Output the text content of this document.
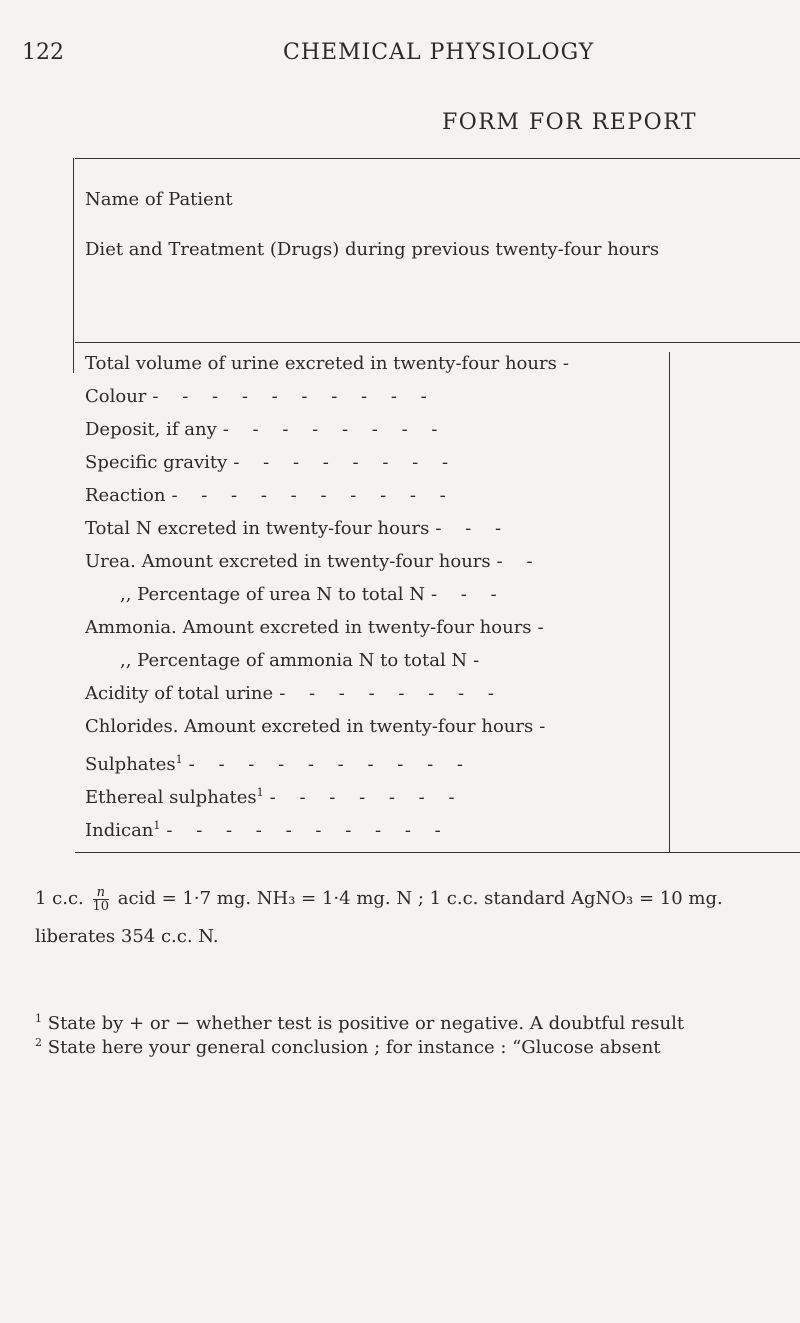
122	CHEMICAL PHYSIOLOGY
FORM FOR REPORT
Name of Patient
Diet and Treatment (Drugs) during previous twenty-four hours
Total volume of urine excreted in twenty-four hours -
Colour - - - - - - - - - -
Deposit, if any - - - - - - - -
Specific gravity - - - - - - - -
Reaction - - - - - - - - - -
Total N excreted in twenty-four hours - - -
Urea. Amount excreted in twenty-four hours - -
,, Percentage of urea N to total N - - -
Ammonia. Amount excreted in twenty-four hours -
,, Percentage of ammonia N to total N -
Acidity of total urine - - - - - - - -
Chlorides. Amount excreted in twenty-four hours -
Sulphates$^1$ - - - - - - - - - -
Ethereal sulphates$^1$ - - - - - - -
Indican$^1$ - - - - - - - - - -
1 c.c. $\frac{n}{10}$ acid = 1·7 mg. NH₃ = 1·4 mg. N ; 1 c.c. standard AgNO₃ = 10 mg.
liberates 354 c.c. N.
$^1$ State by + or − whether test is positive or negative. A doubtful result
$^2$ State here your general conclusion ; for instance : “Glucose absent
